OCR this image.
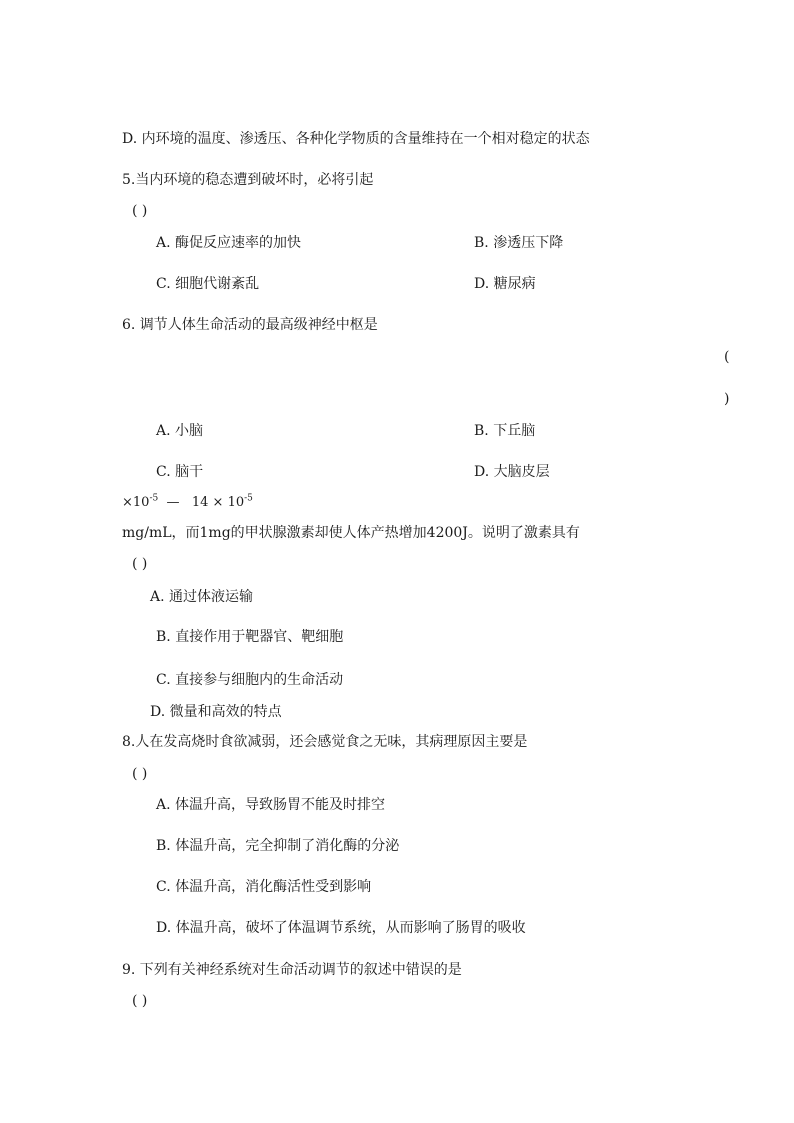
D. 内环境的温度、渗透压、各种化学物质的含量维持在一个相对稳定的状态
5.当内环境的稳态遭到破坏时，必将引起
( )
A. 酶促反应速率的加快	B. 渗透压下降
C. 细胞代谢紊乱	D. 糖尿病
6. 调节人体生命活动的最高级神经中枢是
(
)
A. 小脑	B. 下丘脑
C. 脑干	D. 大脑皮层
$\times 10^{-5}$  —   $14 \times 10^{-5}$
mg/mL，而1mg的甲状腺激素却使人体产热增加4200J。说明了激素具有
( )
A. 通过体液运输
B. 直接作用于靶器官、靶细胞
C. 直接参与细胞内的生命活动
D. 微量和高效的特点
8.人在发高烧时食欲减弱，还会感觉食之无味，其病理原因主要是
( )
A. 体温升高，导致肠胃不能及时排空
B. 体温升高，完全抑制了消化酶的分泌
C. 体温升高，消化酶活性受到影响
D. 体温升高，破坏了体温调节系统，从而影响了肠胃的吸收
9. 下列有关神经系统对生命活动调节的叙述中错误的是
( )
